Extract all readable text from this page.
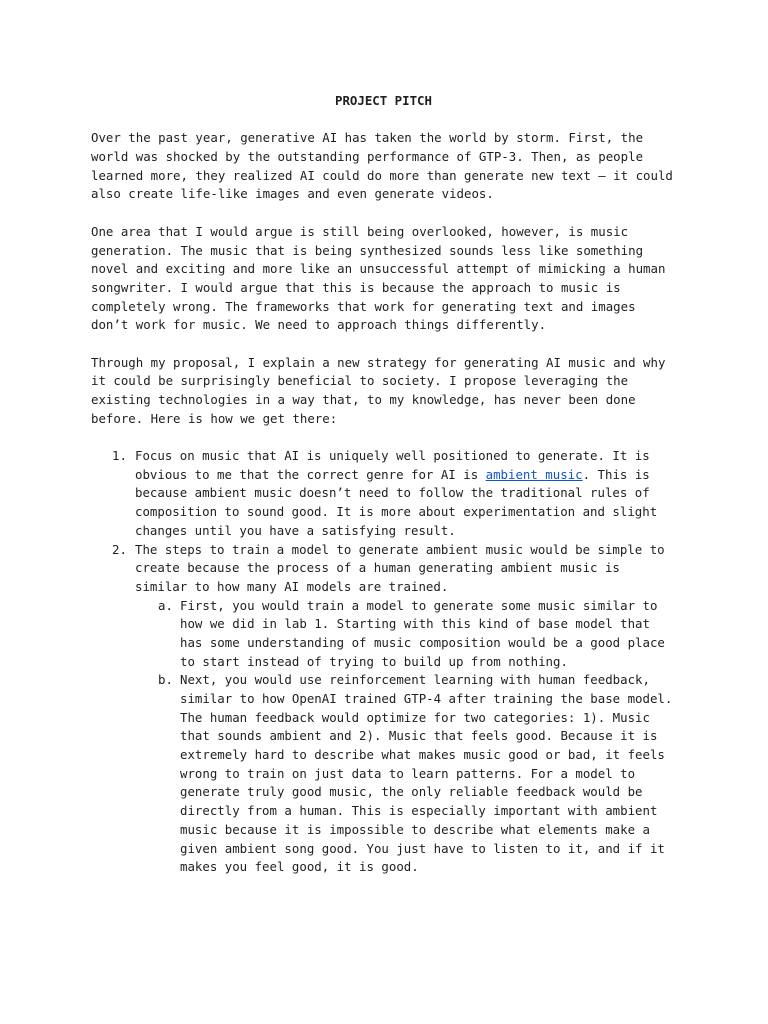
PROJECT PITCH
Over the past year, generative AI has taken the world by storm. First, the
world was shocked by the outstanding performance of GTP-3. Then, as people
learned more, they realized AI could do more than generate new text – it could
also create life-like images and even generate videos.
One area that I would argue is still being overlooked, however, is music
generation. The music that is being synthesized sounds less like something
novel and exciting and more like an unsuccessful attempt of mimicking a human
songwriter. I would argue that this is because the approach to music is
completely wrong. The frameworks that work for generating text and images
don’t work for music. We need to approach things differently.
Through my proposal, I explain a new strategy for generating AI music and why
it could be surprisingly beneficial to society. I propose leveraging the
existing technologies in a way that, to my knowledge, has never been done
before. Here is how we get there:
1. Focus on music that AI is uniquely well positioned to generate. It is
obvious to me that the correct genre for AI is ambient music. This is
because ambient music doesn’t need to follow the traditional rules of
composition to sound good. It is more about experimentation and slight
changes until you have a satisfying result.
2. The steps to train a model to generate ambient music would be simple to
create because the process of a human generating ambient music is
similar to how many AI models are trained.
a. First, you would train a model to generate some music similar to
how we did in lab 1. Starting with this kind of base model that
has some understanding of music composition would be a good place
to start instead of trying to build up from nothing.
b. Next, you would use reinforcement learning with human feedback,
similar to how OpenAI trained GTP-4 after training the base model.
The human feedback would optimize for two categories: 1). Music
that sounds ambient and 2). Music that feels good. Because it is
extremely hard to describe what makes music good or bad, it feels
wrong to train on just data to learn patterns. For a model to
generate truly good music, the only reliable feedback would be
directly from a human. This is especially important with ambient
music because it is impossible to describe what elements make a
given ambient song good. You just have to listen to it, and if it
makes you feel good, it is good.
